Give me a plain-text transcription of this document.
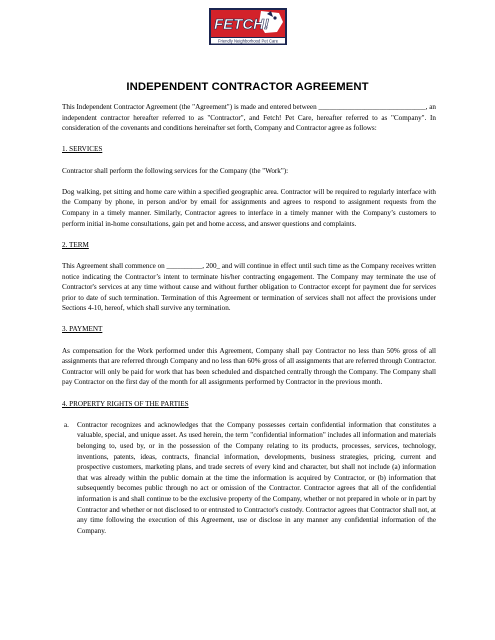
FETCH!
Friendly Neighborhood Pet Care
INDEPENDENT CONTRACTOR AGREEMENT

This Independent Contractor Agreement (the "Agreement") is made and entered between ______________________________, an independent contractor hereafter referred to as "Contractor", and Fetch! Pet Care, hereafter referred to as "Company". In consideration of the covenants and conditions hereinafter set forth, Company and Contractor agree as follows:

1. SERVICES

Contractor shall perform the following services for the Company (the "Work"):

Dog walking, pet sitting and home care within a specified geographic area. Contractor will be required to regularly interface with the Company by phone, in person and/or by email for assignments and agrees to respond to assignment requests from the Company in a timely manner. Similarly, Contractor agrees to interface in a timely manner with the Company’s customers to perform initial in-home consultations, gain pet and home access, and answer questions and complaints.

2. TERM

This Agreement shall commence on __________, 200_ and will continue in effect until such time as the Company receives written notice indicating the Contractor’s intent to terminate his/her contracting engagement. The Company may terminate the use of Contractor's services at any time without cause and without further obligation to Contractor except for payment due for services prior to date of such termination. Termination of this Agreement or termination of services shall not affect the provisions under Sections 4-10, hereof, which shall survive any termination.

3. PAYMENT

As compensation for the Work performed under this Agreement, Company shall pay Contractor no less than 50% gross of all assignments that are referred through Company and no less than 60% gross of all assignments that are referred through Contractor. Contractor will only be paid for work that has been scheduled and dispatched centrally through the Company. The Company shall pay Contractor on the first day of the month for all assignments performed by Contractor in the previous month.

4. PROPERTY RIGHTS OF THE PARTIES

a.	Contractor recognizes and acknowledges that the Company possesses certain confidential information that constitutes a valuable, special, and unique asset. As used herein, the term "confidential information" includes all information and materials belonging to, used by, or in the possession of the Company relating to its products, processes, services, technology, inventions, patents, ideas, contracts, financial information, developments, business strategies, pricing, current and prospective customers, marketing plans, and trade secrets of every kind and character, but shall not include (a) information that was already within the public domain at the time the information is acquired by Contractor, or (b) information that subsequently becomes public through no act or omission of the Contractor. Contractor agrees that all of the confidential information is and shall continue to be the exclusive property of the Company, whether or not prepared in whole or in part by Contractor and whether or not disclosed to or entrusted to Contractor's custody. Contractor agrees that Contractor shall not, at any time following the execution of this Agreement, use or disclose in any manner any confidential information of the Company.
